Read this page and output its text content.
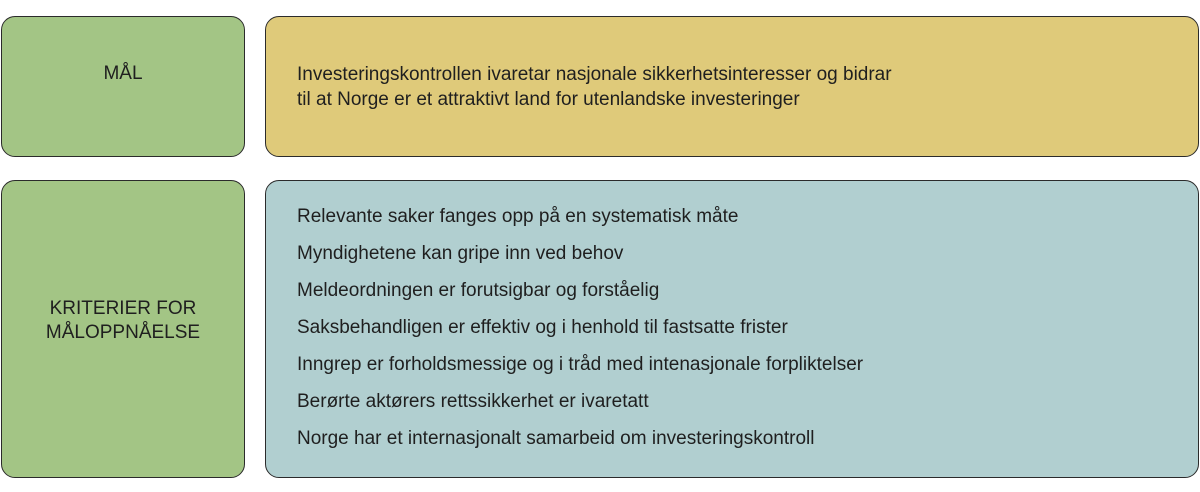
MÅL	Investeringskontrollen ivaretar nasjonale sikkerhetsinteresser og bidrar
til at Norge er et attraktivt land for utenlandske investeringer
KRITERIER FOR
MÅLOPPNÅELSE
Relevante saker fanges opp på en systematisk måte
Myndighetene kan gripe inn ved behov
Meldeordningen er forutsigbar og forståelig
Saksbehandligen er effektiv og i henhold til fastsatte frister
Inngrep er forholdsmessige og i tråd med intenasjonale forpliktelser
Berørte aktørers rettssikkerhet er ivaretatt
Norge har et internasjonalt samarbeid om investeringskontroll
